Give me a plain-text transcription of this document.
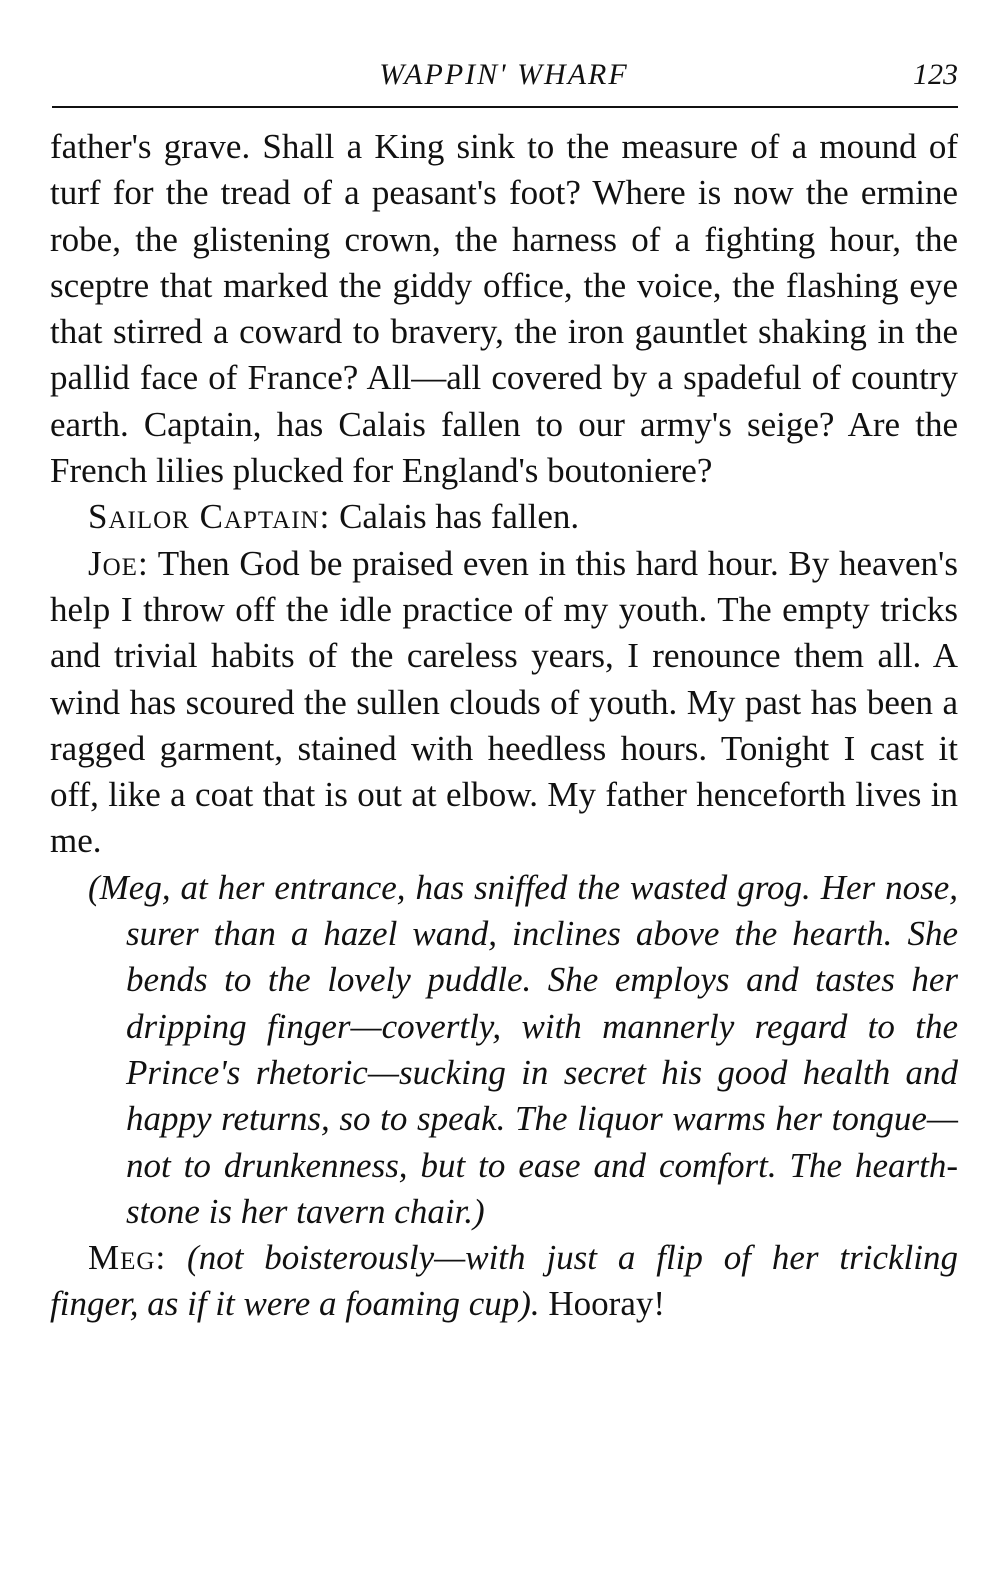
WAPPIN' WHARF	123

father's grave. Shall a King sink to the measure of a mound of turf for the tread of a peasant's foot? Where is now the ermine robe, the glistening crown, the harness of a fighting hour, the sceptre that marked the giddy office, the voice, the flashing eye that stirred a coward to bravery, the iron gauntlet shaking in the pallid face of France? All—all covered by a spadeful of country earth. Captain, has Calais fallen to our army's seige? Are the French lilies plucked for England's boutoniere?

Sailor Captain: Calais has fallen.

Joe: Then God be praised even in this hard hour. By heaven's help I throw off the idle practice of my youth. The empty tricks and trivial habits of the careless years, I renounce them all. A wind has scoured the sullen clouds of youth. My past has been a ragged garment, stained with heedless hours. Tonight I cast it off, like a coat that is out at elbow. My father henceforth lives in me.

(Meg, at her entrance, has sniffed the wasted grog. Her nose, surer than a hazel wand, inclines above the hearth. She bends to the lovely puddle. She employs and tastes her dripping finger—covertly, with mannerly regard to the Prince's rhetoric—sucking in secret his good health and happy returns, so to speak. The liquor warms her tongue—not to drunkenness, but to ease and comfort. The hearth-stone is her tavern chair.)

Meg: (not boisterously—with just a flip of her trickling finger, as if it were a foaming cup). Hooray!
